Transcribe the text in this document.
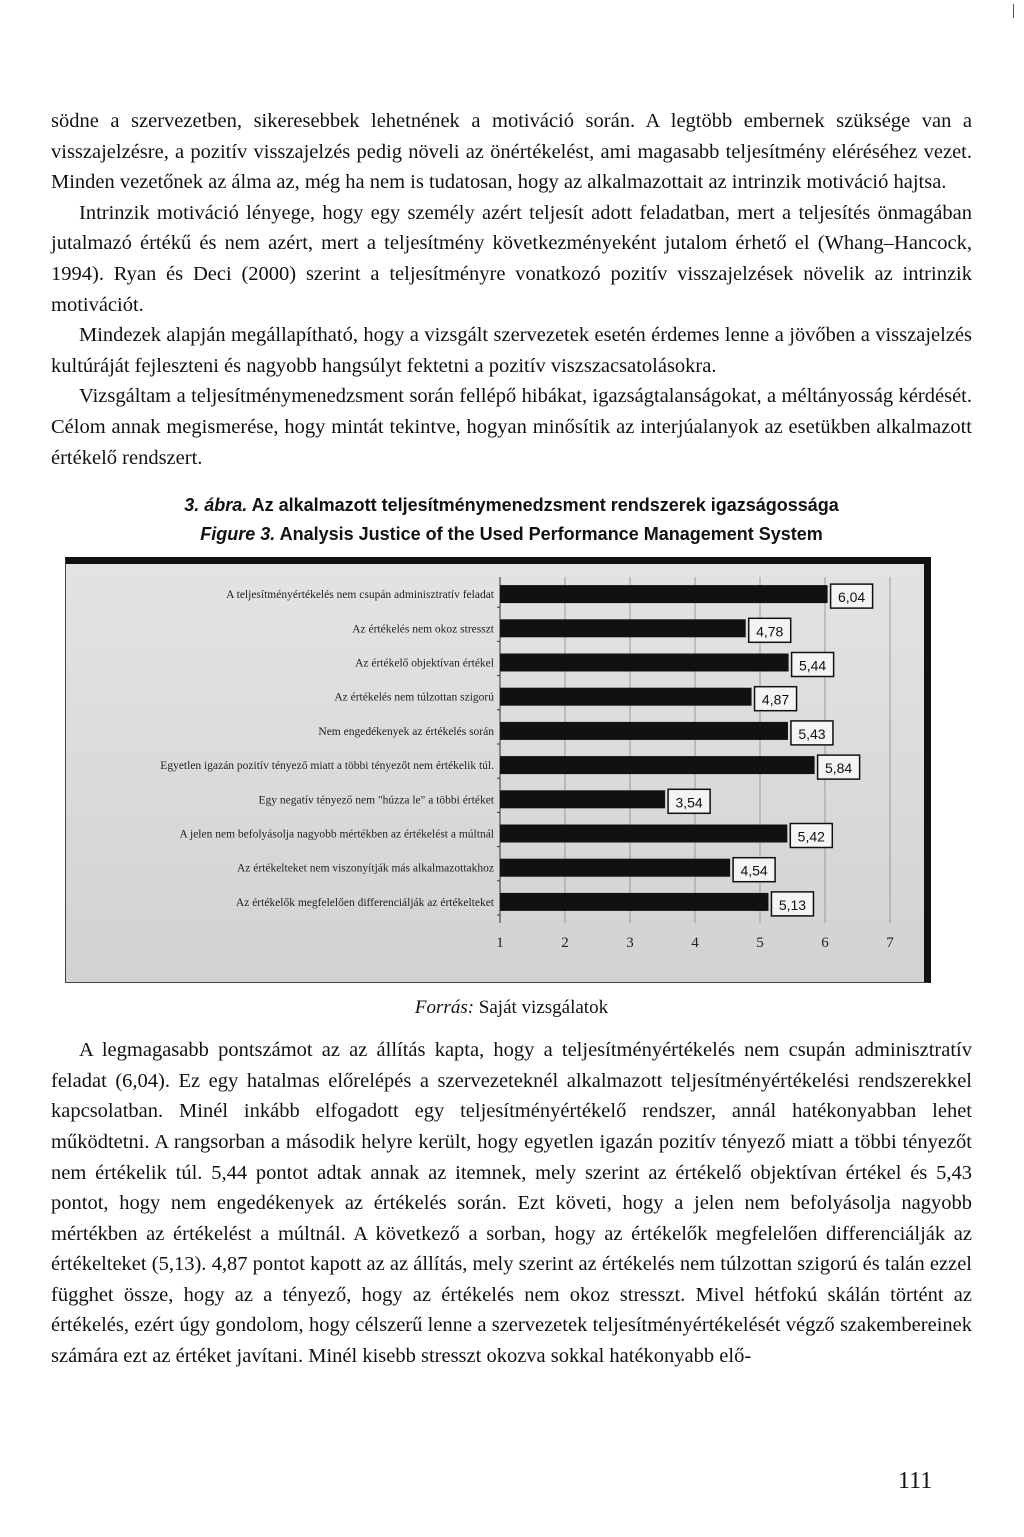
södne a szervezetben, sikeresebbek lehetnének a motiváció során. A legtöbb embernek szüksége van a visszajelzésre, a pozitív visszajelzés pedig növeli az önértékelést, ami magasabb teljesítmény eléréséhez vezet. Minden vezetőnek az álma az, még ha nem is tudatosan, hogy az alkalmazottait az intrinzik motiváció hajtsa.

Intrinzik motiváció lényege, hogy egy személy azért teljesít adott feladatban, mert a teljesítés önmagában jutalmazó értékű és nem azért, mert a teljesítmény következményeként jutalom érhető el (Whang–Hancock, 1994). Ryan és Deci (2000) szerint a teljesítményre vonatkozó pozitív visszajelzések növelik az intrinzik motivációt.

Mindezek alapján megállapítható, hogy a vizsgált szervezetek esetén érdemes lenne a jövőben a visszajelzés kultúráját fejleszteni és nagyobb hangsúlyt fektetni a pozitív viszszacsatolásokra.

Vizsgáltam a teljesítménymenedzsment során fellépő hibákat, igazságtalanságokat, a méltányosság kérdését. Célom annak megismerése, hogy mintát tekintve, hogyan minősítik az interjúalanyok az esetükben alkalmazott értékelő rendszert.

3. ábra. Az alkalmazott teljesítménymenedzsment rendszerek igazságossága

Figure 3. Analysis Justice of the Used Performance Management System

A teljesítményértékelés nem csupán adminisztratív feladat	6,04
Az értékelés nem okoz stresszt	4,78
Az értékelő objektívan értékel	5,44
Az értékelés nem túlzottan szigorú	4,87
Nem engedékenyek az értékelés során	5,43
Egyetlen igazán pozitív tényező miatt a többi tényezőt nem értékelik túl.	5,84
Egy negatív tényező nem "húzza le" a többi értéket	3,54
A jelen nem befolyásolja nagyobb mértékben az értékelést a múltnál	5,42
Az értékelteket nem viszonyítják más alkalmazottakhoz	4,54
Az értékelők megfelelően differenciálják az értékelteket	5,13
1	2	3	4	5	6	7

Forrás: Saját vizsgálatok

A legmagasabb pontszámot az az állítás kapta, hogy a teljesítményértékelés nem csupán adminisztratív feladat (6,04). Ez egy hatalmas előrelépés a szervezeteknél alkalmazott teljesítményértékelési rendszerekkel kapcsolatban. Minél inkább elfogadott egy teljesítményértékelő rendszer, annál hatékonyabban lehet működtetni. A rangsorban a második helyre került, hogy egyetlen igazán pozitív tényező miatt a többi tényezőt nem értékelik túl. 5,44 pontot adtak annak az itemnek, mely szerint az értékelő objektívan értékel és 5,43 pontot, hogy nem engedékenyek az értékelés során. Ezt követi, hogy a jelen nem befolyásolja nagyobb mértékben az értékelést a múltnál. A következő a sorban, hogy az értékelők megfelelően differenciálják az értékelteket (5,13). 4,87 pontot kapott az az állítás, mely szerint az értékelés nem túlzottan szigorú és talán ezzel függhet össze, hogy az a tényező, hogy az értékelés nem okoz stresszt. Mivel hétfokú skálán történt az értékelés, ezért úgy gondolom, hogy célszerű lenne a szervezetek teljesítményértékelését végző szakembereinek számára ezt az értéket javítani. Minél kisebb stresszt okozva sokkal hatékonyabb elő-

111
